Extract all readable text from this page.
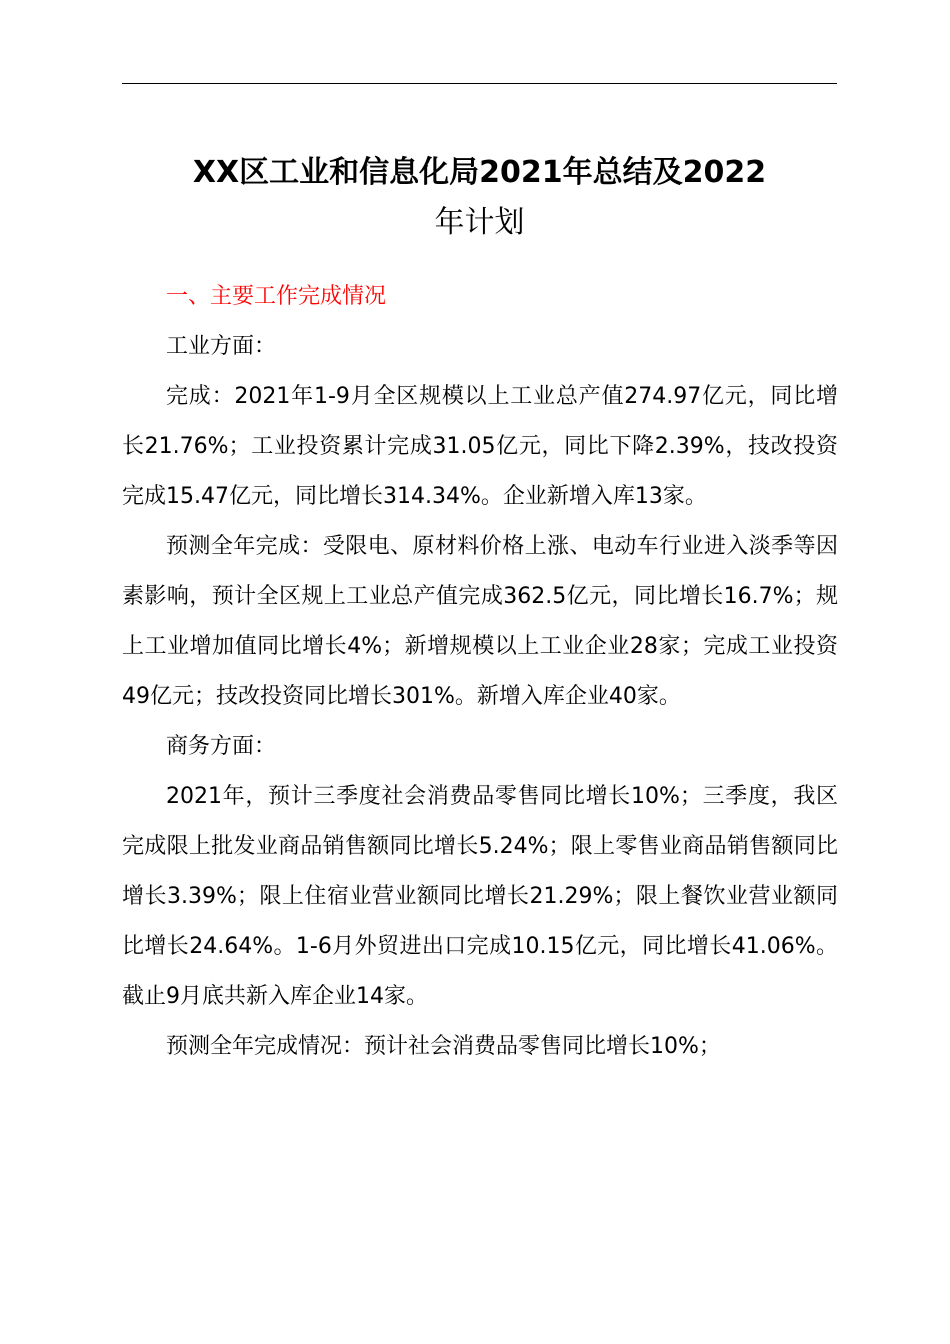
XX区工业和信息化局2021年总结及2022
年计划

一、主要工作完成情况

工业方面：

完成：2021年1-9月全区规模以上工业总产值274.97亿元，同比增长21.76%；工业投资累计完成31.05亿元，同比下降2.39%，技改投资完成15.47亿元，同比增长314.34%。企业新增入库13家。

预测全年完成：受限电、原材料价格上涨、电动车行业进入淡季等因素影响，预计全区规上工业总产值完成362.5亿元，同比增长16.7%；规上工业增加值同比增长4%；新增规模以上工业企业28家；完成工业投资49亿元；技改投资同比增长301%。新增入库企业40家。

商务方面：

2021年，预计三季度社会消费品零售同比增长10%；三季度，我区完成限上批发业商品销售额同比增长5.24%；限上零售业商品销售额同比增长3.39%；限上住宿业营业额同比增长21.29%；限上餐饮业营业额同比增长24.64%。1-6月外贸进出口完成10.15亿元，同比增长41.06%。截止9月底共新入库企业14家。

预测全年完成情况：预计社会消费品零售同比增长10%；
